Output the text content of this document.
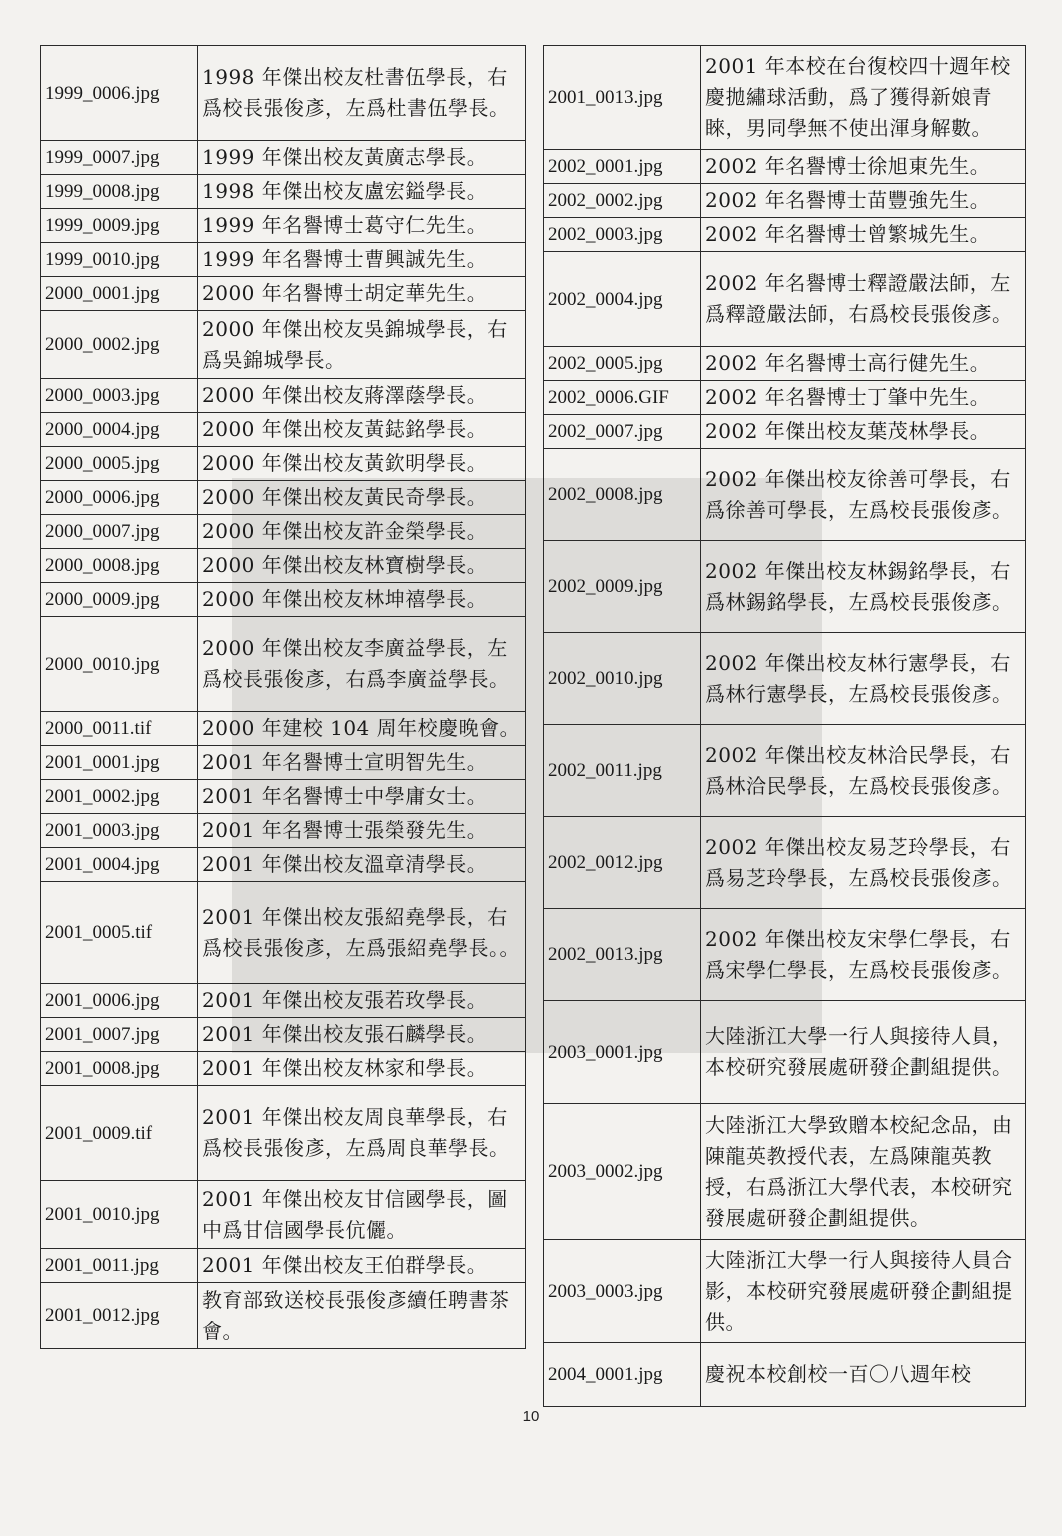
1999_0006.jpg	1998 年傑出校友杜書伍學長，右爲校長張俊彥，左爲杜書伍學長。
1999_0007.jpg	1999 年傑出校友黃廣志學長。
1999_0008.jpg	1998 年傑出校友盧宏鎰學長。
1999_0009.jpg	1999 年名譽博士葛守仁先生。
1999_0010.jpg	1999 年名譽博士曹興誠先生。
2000_0001.jpg	2000 年名譽博士胡定華先生。
2000_0002.jpg	2000 年傑出校友吳錦城學長，右爲吳錦城學長。
2000_0003.jpg	2000 年傑出校友蔣澤蔭學長。
2000_0004.jpg	2000 年傑出校友黃鋕銘學長。
2000_0005.jpg	2000 年傑出校友黃欽明學長。
2000_0006.jpg	2000 年傑出校友黃民奇學長。
2000_0007.jpg	2000 年傑出校友許金榮學長。
2000_0008.jpg	2000 年傑出校友林寶樹學長。
2000_0009.jpg	2000 年傑出校友林坤禧學長。
2000_0010.jpg	2000 年傑出校友李廣益學長，左爲校長張俊彥，右爲李廣益學長。
2000_0011.tif	2000 年建校 104 周年校慶晚會。
2001_0001.jpg	2001 年名譽博士宣明智先生。
2001_0002.jpg	2001 年名譽博士中學庸女士。
2001_0003.jpg	2001 年名譽博士張榮發先生。
2001_0004.jpg	2001 年傑出校友溫章清學長。
2001_0005.tif	2001 年傑出校友張紹堯學長，右爲校長張俊彥，左爲張紹堯學長。。
2001_0006.jpg	2001 年傑出校友張若玫學長。
2001_0007.jpg	2001 年傑出校友張石麟學長。
2001_0008.jpg	2001 年傑出校友林家和學長。
2001_0009.tif	2001 年傑出校友周良華學長，右爲校長張俊彥，左爲周良華學長。
2001_0010.jpg	2001 年傑出校友甘信國學長，圖中爲甘信國學長伉儷。
2001_0011.jpg	2001 年傑出校友王伯群學長。
2001_0012.jpg	教育部致送校長張俊彥續任聘書茶會。
2001_0013.jpg	2001 年本校在台復校四十週年校慶拋繡球活動，爲了獲得新娘青睞，男同學無不使出渾身解數。
2002_0001.jpg	2002 年名譽博士徐旭東先生。
2002_0002.jpg	2002 年名譽博士苗豐強先生。
2002_0003.jpg	2002 年名譽博士曾繁城先生。
2002_0004.jpg	2002 年名譽博士釋證嚴法師，左爲釋證嚴法師，右爲校長張俊彥。
2002_0005.jpg	2002 年名譽博士高行健先生。
2002_0006.GIF	2002 年名譽博士丁肇中先生。
2002_0007.jpg	2002 年傑出校友葉茂林學長。
2002_0008.jpg	2002 年傑出校友徐善可學長，右爲徐善可學長，左爲校長張俊彥。
2002_0009.jpg	2002 年傑出校友林錫銘學長，右爲林錫銘學長，左爲校長張俊彥。
2002_0010.jpg	2002 年傑出校友林行憲學長，右爲林行憲學長，左爲校長張俊彥。
2002_0011.jpg	2002 年傑出校友林洽民學長，右爲林洽民學長，左爲校長張俊彥。
2002_0012.jpg	2002 年傑出校友易芝玲學長，右爲易芝玲學長，左爲校長張俊彥。
2002_0013.jpg	2002 年傑出校友宋學仁學長，右爲宋學仁學長，左爲校長張俊彥。
2003_0001.jpg	大陸浙江大學一行人與接待人員，本校研究發展處研發企劃組提供。
2003_0002.jpg	大陸浙江大學致贈本校紀念品，由陳龍英教授代表，左爲陳龍英教授，右爲浙江大學代表，本校研究發展處研發企劃組提供。
2003_0003.jpg	大陸浙江大學一行人與接待人員合影，本校研究發展處研發企劃組提供。
2004_0001.jpg	慶祝本校創校一百〇八週年校
10
